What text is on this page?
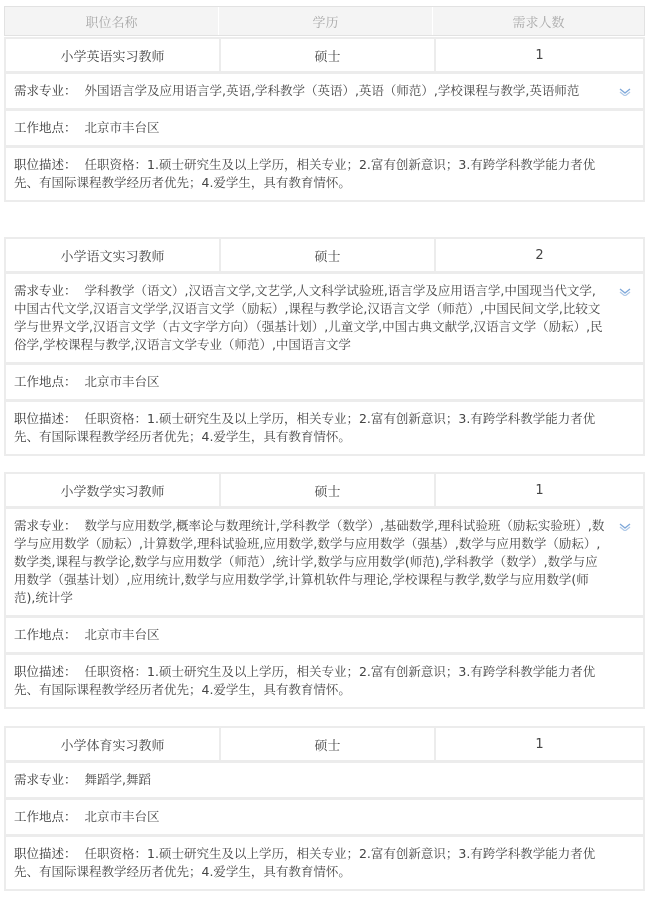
职位名称	学历	需求人数
小学英语实习教师	硕士	1
需求专业： 外国语言学及应用语言学,英语,学科教学（英语）,英语（师范）,学校课程与教学,英语师范
工作地点： 北京市丰台区
职位描述： 任职资格：1.硕士研究生及以上学历，相关专业；2.富有创新意识；3.有跨学科教学能力者优先、有国际课程教学经历者优先；4.爱学生，具有教育情怀。
小学语文实习教师	硕士	2
需求专业： 学科教学（语文）,汉语言文学,文艺学,人文科学试验班,语言学及应用语言学,中国现当代文学,中国古代文学,汉语言文学学,汉语言文学（励耘）,课程与教学论,汉语言文学（师范）,中国民间文学,比较文学与世界文学,汉语言文学（古文字学方向）（强基计划）,儿童文学,中国古典文献学,汉语言文学（励耘）,民俗学,学校课程与教学,汉语言文学专业（师范）,中国语言文学
工作地点： 北京市丰台区
职位描述： 任职资格：1.硕士研究生及以上学历，相关专业；2.富有创新意识；3.有跨学科教学能力者优先、有国际课程教学经历者优先；4.爱学生，具有教育情怀。
小学数学实习教师	硕士	1
需求专业： 数学与应用数学,概率论与数理统计,学科教学（数学）,基础数学,理科试验班（励耘实验班）,数学与应用数学（励耘）,计算数学,理科试验班,应用数学,数学与应用数学（强基）,数学与应用数学（励耘）,数学类,课程与教学论,数学与应用数学（师范）,统计学,数学与应用数学(师范),学科教学（数学）,数学与应用数学（强基计划）,应用统计,数学与应用数学学,计算机软件与理论,学校课程与教学,数学与应用数学(师范),统计学
工作地点： 北京市丰台区
职位描述： 任职资格：1.硕士研究生及以上学历，相关专业；2.富有创新意识；3.有跨学科教学能力者优先、有国际课程教学经历者优先；4.爱学生，具有教育情怀。
小学体育实习教师	硕士	1
需求专业： 舞蹈学,舞蹈
工作地点： 北京市丰台区
职位描述： 任职资格：1.硕士研究生及以上学历，相关专业；2.富有创新意识；3.有跨学科教学能力者优先、有国际课程教学经历者优先；4.爱学生，具有教育情怀。
